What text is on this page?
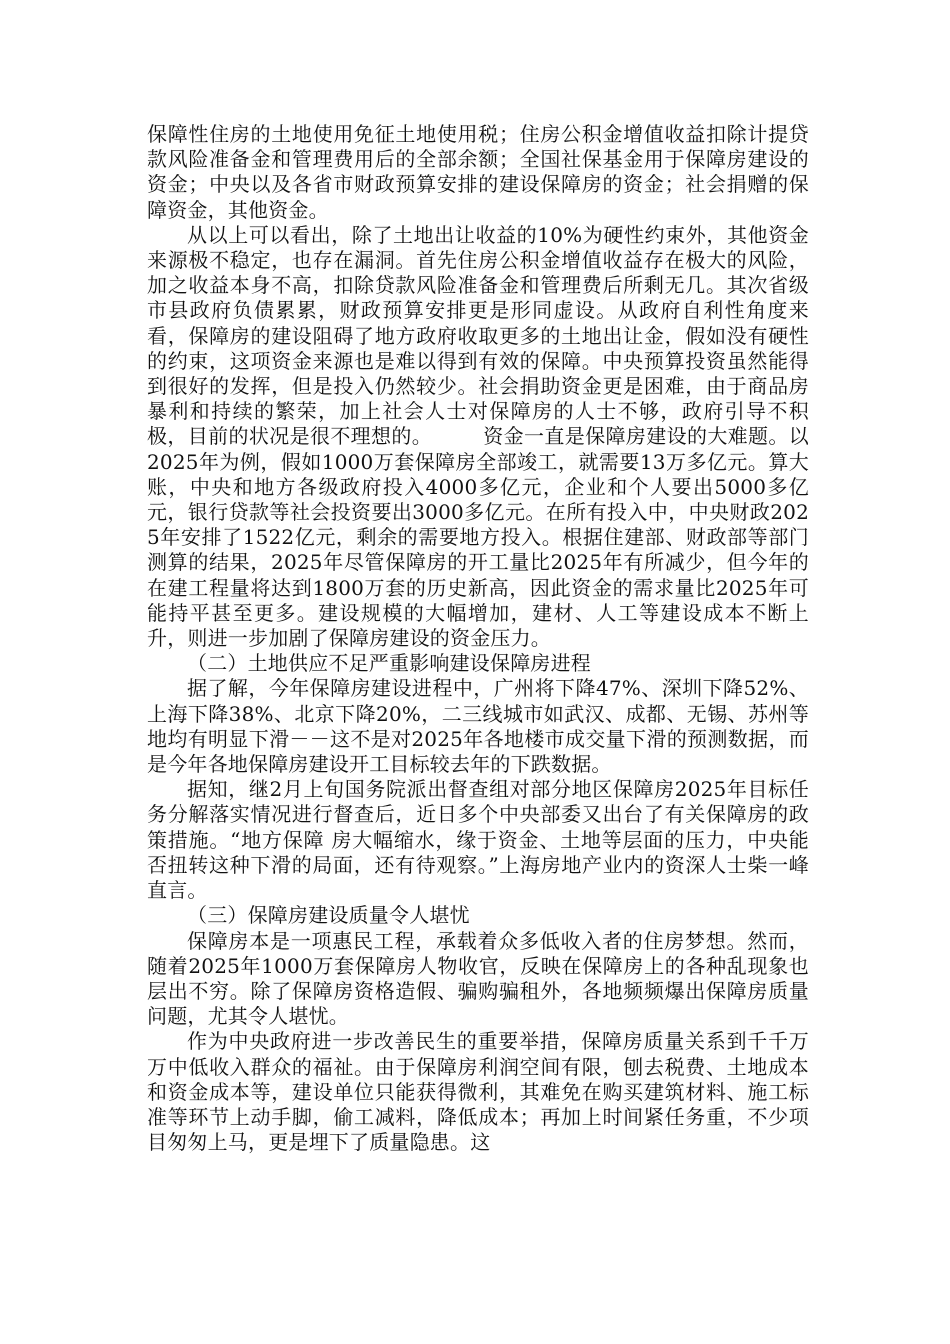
保障性住房的土地使用免征土地使用税；住房公积金增值收益扣除计提贷款风险准备金和管理费用后的全部余额；全国社保基金用于保障房建设的资金；中央以及各省市财政预算安排的建设保障房的资金；社会捐赠的保障资金，其他资金。

从以上可以看出，除了土地出让收益的10%为硬性约束外，其他资金来源极不稳定，也存在漏洞。首先住房公积金增值收益存在极大的风险，加之收益本身不高，扣除贷款风险准备金和管理费后所剩无几。其次省级市县政府负债累累，财政预算安排更是形同虚设。从政府自利性角度来看，保障房的建设阻碍了地方政府收取更多的土地出让金，假如没有硬性的约束，这项资金来源也是难以得到有效的保障。中央预算投资虽然能得到很好的发挥，但是投入仍然较少。社会捐助资金更是困难，由于商品房暴利和持续的繁荣，加上社会人士对保障房的人士不够，政府引导不积极，目前的状况是很不理想的。　　　资金一直是保障房建设的大难题。以2025年为例，假如1000万套保障房全部竣工，就需要13万多亿元。算大账，中央和地方各级政府投入4000多亿元，企业和个人要出5000多亿元，银行贷款等社会投资要出3000多亿元。在所有投入中，中央财政2025年安排了1522亿元，剩余的需要地方投入。根据住建部、财政部等部门测算的结果，2025年尽管保障房的开工量比2025年有所减少，但今年的在建工程量将达到1800万套的历史新高，因此资金的需求量比2025年可能持平甚至更多。建设规模的大幅增加，建材、人工等建设成本不断上升，则进一步加剧了保障房建设的资金压力。

（二）土地供应不足严重影响建设保障房进程

据了解，今年保障房建设进程中，广州将下降47%、深圳下降52%、上海下降38%、北京下降20%，二三线城市如武汉、成都、无锡、苏州等地均有明显下滑－－这不是对2025年各地楼市成交量下滑的预测数据，而是今年各地保障房建设开工目标较去年的下跌数据。

据知，继2月上旬国务院派出督查组对部分地区保障房2025年目标任务分解落实情况进行督查后，近日多个中央部委又出台了有关保障房的政策措施。“地方保障 房大幅缩水，缘于资金、土地等层面的压力，中央能否扭转这种下滑的局面，还有待观察。”上海房地产业内的资深人士柴一峰直言。

（三）保障房建设质量令人堪忧

保障房本是一项惠民工程，承载着众多低收入者的住房梦想。然而，随着2025年1000万套保障房人物收官，反映在保障房上的各种乱现象也层出不穷。除了保障房资格造假、骗购骗租外，各地频频爆出保障房质量问题，尤其令人堪忧。

作为中央政府进一步改善民生的重要举措，保障房质量关系到千千万万中低收入群众的福祉。由于保障房利润空间有限，刨去税费、土地成本和资金成本等，建设单位只能获得微利，其难免在购买建筑材料、施工标准等环节上动手脚，偷工减料，降低成本；再加上时间紧任务重，不少项目匆匆上马，更是埋下了质量隐患。这
